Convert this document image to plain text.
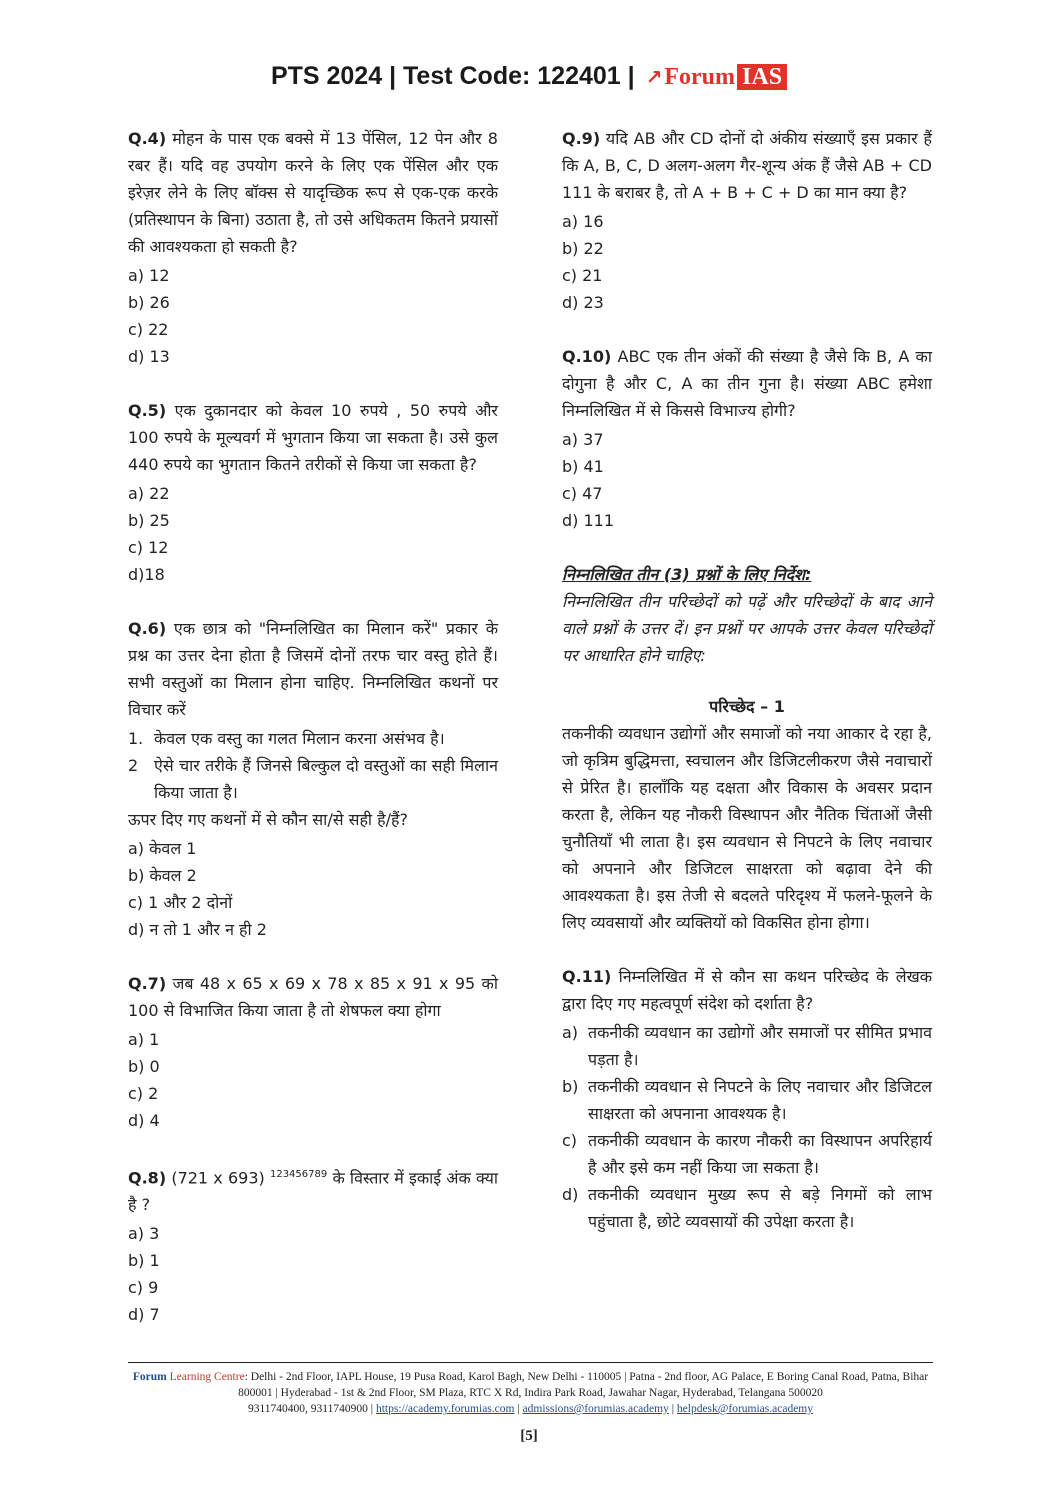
PTS 2024 | Test Code: 122401 | ↗Forum IAS
Q.4) मोहन के पास एक बक्से में 13 पेंसिल, 12 पेन और 8 रबर हैं। यदि वह उपयोग करने के लिए एक पेंसिल और एक इरेज़र लेने के लिए बॉक्स से यादृच्छिक रूप से एक-एक करके (प्रतिस्थापन के बिना) उठाता है, तो उसे अधिकतम कितने प्रयासों की आवश्यकता हो सकती है?
a) 12
b) 26
c) 22
d) 13
Q.5) एक दुकानदार को केवल 10 रुपये , 50 रुपये और 100 रुपये के मूल्यवर्ग में भुगतान किया जा सकता है। उसे कुल 440 रुपये का भुगतान कितने तरीकों से किया जा सकता है?
a) 22
b) 25
c) 12
d)18
Q.6) एक छात्र को "निम्नलिखित का मिलान करें" प्रकार के प्रश्न का उत्तर देना होता है जिसमें दोनों तरफ चार वस्तु होते हैं। सभी वस्तुओं का मिलान होना चाहिए. निम्नलिखित कथनों पर विचार करें
1. केवल एक वस्तु का गलत मिलान करना असंभव है।
2 ऐसे चार तरीके हैं जिनसे बिल्कुल दो वस्तुओं का सही मिलान किया जाता है।
ऊपर दिए गए कथनों में से कौन सा/से सही है/हैं?
a) केवल 1
b) केवल 2
c) 1 और 2 दोनों
d) न तो 1 और न ही 2
Q.7) जब 48 x 65 x 69 x 78 x 85 x 91 x 95 को 100 से विभाजित किया जाता है तो शेषफल क्या होगा
a) 1
b) 0
c) 2
d) 4
Q.8) (721 x 693) $^{123456789}$ के विस्तार में इकाई अंक क्या है ?
a) 3
b) 1
c) 9
d) 7
Q.9) यदि AB और CD दोनों दो अंकीय संख्याएँ इस प्रकार हैं कि A, B, C, D अलग-अलग गैर-शून्य अंक हैं जैसे AB + CD 111 के बराबर है, तो A + B + C + D का मान क्या है?
a) 16
b) 22
c) 21
d) 23
Q.10) ABC एक तीन अंकों की संख्या है जैसे कि B, A का दोगुना है और C, A का तीन गुना है। संख्या ABC हमेशा निम्नलिखित में से किससे विभाज्य होगी?
a) 37
b) 41
c) 47
d) 111
निम्नलिखित तीन (3) प्रश्नों के लिए निर्देश:
निम्नलिखित तीन परिच्छेदों को पढ़ें और परिच्छेदों के बाद आने वाले प्रश्नों के उत्तर दें। इन प्रश्नों पर आपके उत्तर केवल परिच्छेदों पर आधारित होने चाहिए:
परिच्छेद – 1
तकनीकी व्यवधान उद्योगों और समाजों को नया आकार दे रहा है, जो कृत्रिम बुद्धिमत्ता, स्वचालन और डिजिटलीकरण जैसे नवाचारों से प्रेरित है। हालाँकि यह दक्षता और विकास के अवसर प्रदान करता है, लेकिन यह नौकरी विस्थापन और नैतिक चिंताओं जैसी चुनौतियाँ भी लाता है। इस व्यवधान से निपटने के लिए नवाचार को अपनाने और डिजिटल साक्षरता को बढ़ावा देने की आवश्यकता है। इस तेजी से बदलते परिदृश्य में फलने-फूलने के लिए व्यवसायों और व्यक्तियों को विकसित होना होगा।
Q.11) निम्नलिखित में से कौन सा कथन परिच्छेद के लेखक द्वारा दिए गए महत्वपूर्ण संदेश को दर्शाता है?
a) तकनीकी व्यवधान का उद्योगों और समाजों पर सीमित प्रभाव पड़ता है।
b) तकनीकी व्यवधान से निपटने के लिए नवाचार और डिजिटल साक्षरता को अपनाना आवश्यक है।
c) तकनीकी व्यवधान के कारण नौकरी का विस्थापन अपरिहार्य है और इसे कम नहीं किया जा सकता है।
d) तकनीकी व्यवधान मुख्य रूप से बड़े निगमों को लाभ पहुंचाता है, छोटे व्यवसायों की उपेक्षा करता है।
Forum Learning Centre: Delhi - 2nd Floor, IAPL House, 19 Pusa Road, Karol Bagh, New Delhi - 110005 | Patna - 2nd floor, AG Palace, E Boring Canal Road, Patna, Bihar 800001 | Hyderabad - 1st & 2nd Floor, SM Plaza, RTC X Rd, Indira Park Road, Jawahar Nagar, Hyderabad, Telangana 500020
9311740400, 9311740900 | https://academy.forumias.com | admissions@forumias.academy | helpdesk@forumias.academy
[5]
